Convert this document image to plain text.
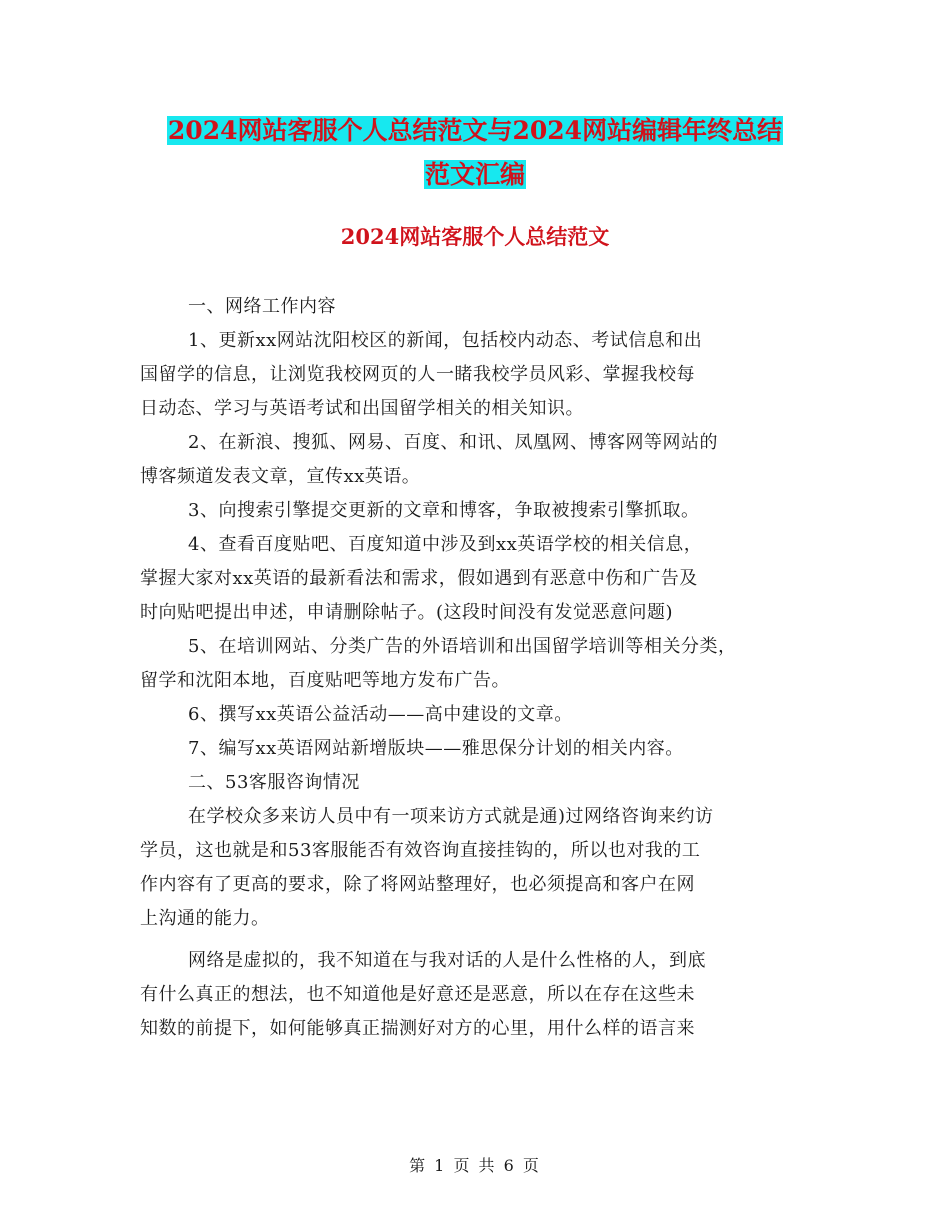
2024网站客服个人总结范文与2024网站编辑年终总结
范文汇编
2024网站客服个人总结范文

一、网络工作内容

1、更新xx网站沈阳校区的新闻，包括校内动态、考试信息和出

国留学的信息，让浏览我校网页的人一睹我校学员风彩、掌握我校每

日动态、学习与英语考试和出国留学相关的相关知识。

2、在新浪、搜狐、网易、百度、和讯、凤凰网、博客网等网站的

博客频道发表文章，宣传xx英语。

3、向搜索引擎提交更新的文章和博客，争取被搜索引擎抓取。

4、查看百度贴吧、百度知道中涉及到xx英语学校的相关信息，

掌握大家对xx英语的最新看法和需求，假如遇到有恶意中伤和广告及

时向贴吧提出申述，申请删除帖子。(这段时间没有发觉恶意问题)

5、在培训网站、分类广告的外语培训和出国留学培训等相关分类，

留学和沈阳本地，百度贴吧等地方发布广告。

6、撰写xx英语公益活动——高中建设的文章。

7、编写xx英语网站新增版块——雅思保分计划的相关内容。

二、53客服咨询情况

在学校众多来访人员中有一项来访方式就是通)过网络咨询来约访

学员，这也就是和53客服能否有效咨询直接挂钩的，所以也对我的工

作内容有了更高的要求，除了将网站整理好，也必须提高和客户在网

上沟通的能力。

网络是虚拟的，我不知道在与我对话的人是什么性格的人，到底

有什么真正的想法，也不知道他是好意还是恶意，所以在存在这些未

知数的前提下，如何能够真正揣测好对方的心里，用什么样的语言来

第 1 页 共 6 页
